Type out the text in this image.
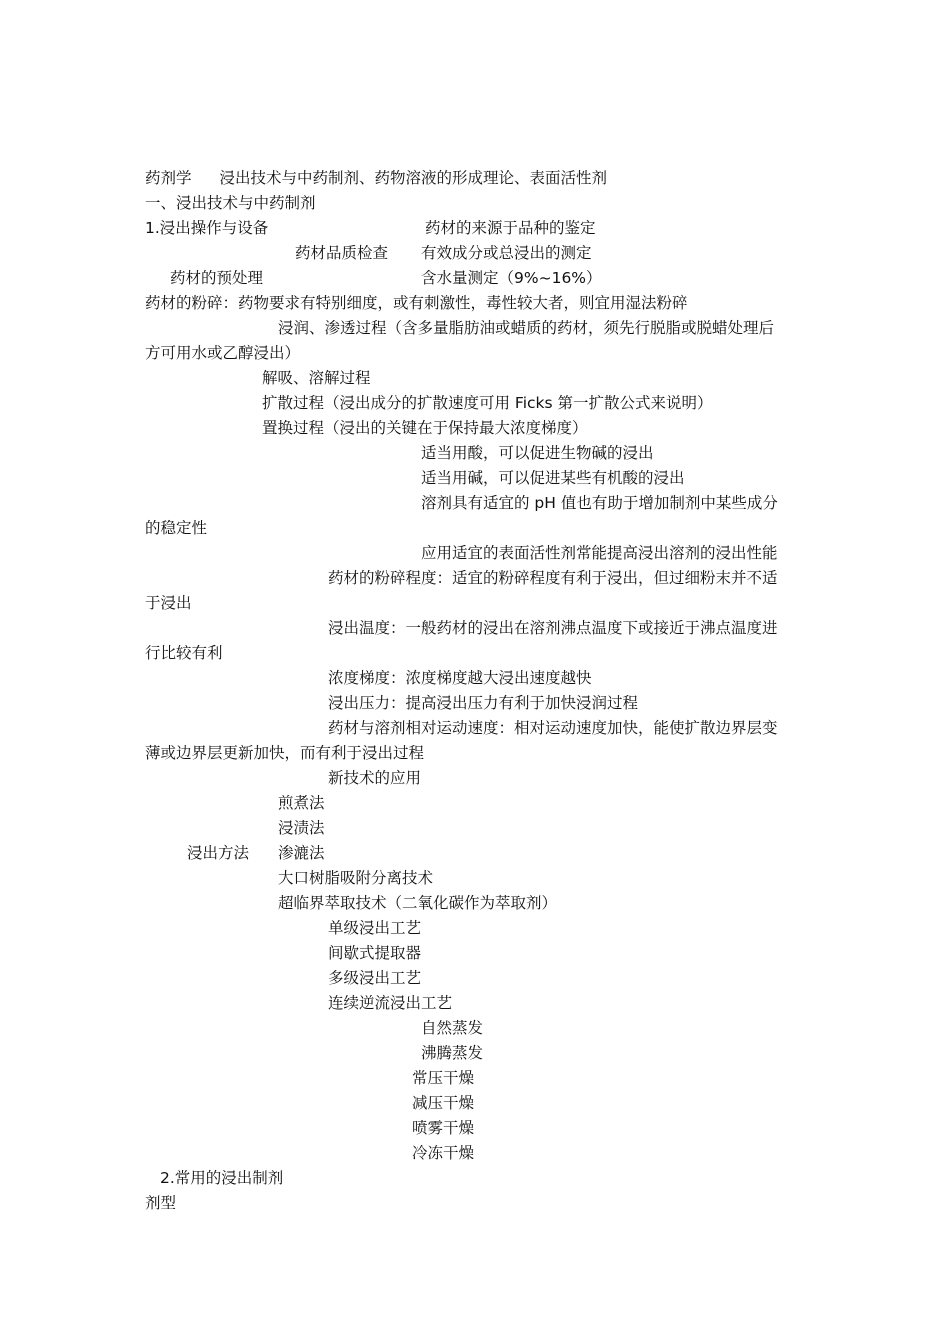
药剂学 浸出技术与中药制剂、药物溶液的形成理论、表面活性剂
一、浸出技术与中药制剂
1.浸出操作与设备	药材的来源于品种的鉴定
药材品质检查 有效成分或总浸出的测定
药材的预处理	含水量测定（9%~16%）
药材的粉碎：药物要求有特别细度，或有刺激性，毒性较大者，则宜用湿法粉碎
浸润、渗透过程（含多量脂肪油或蜡质的药材，须先行脱脂或脱蜡处理后
方可用水或乙醇浸出）
解吸、溶解过程
扩散过程（浸出成分的扩散速度可用 Ficks 第一扩散公式来说明）
置换过程（浸出的关键在于保持最大浓度梯度）
适当用酸，可以促进生物碱的浸出
适当用碱，可以促进某些有机酸的浸出
溶剂具有适宜的 pH 值也有助于增加制剂中某些成分
的稳定性
应用适宜的表面活性剂常能提高浸出溶剂的浸出性能
药材的粉碎程度：适宜的粉碎程度有利于浸出，但过细粉末并不适
于浸出
浸出温度：一般药材的浸出在溶剂沸点温度下或接近于沸点温度进
行比较有利
浓度梯度：浓度梯度越大浸出速度越快
浸出压力：提高浸出压力有利于加快浸润过程
药材与溶剂相对运动速度：相对运动速度加快，能使扩散边界层变
薄或边界层更新加快，而有利于浸出过程
新技术的应用
煎煮法
浸渍法
浸出方法 渗漉法
大口树脂吸附分离技术
超临界萃取技术（二氧化碳作为萃取剂）
单级浸出工艺
间歇式提取器
多级浸出工艺
连续逆流浸出工艺
自然蒸发
沸腾蒸发
常压干燥
减压干燥
喷雾干燥
冷冻干燥
2.常用的浸出制剂
剂型
